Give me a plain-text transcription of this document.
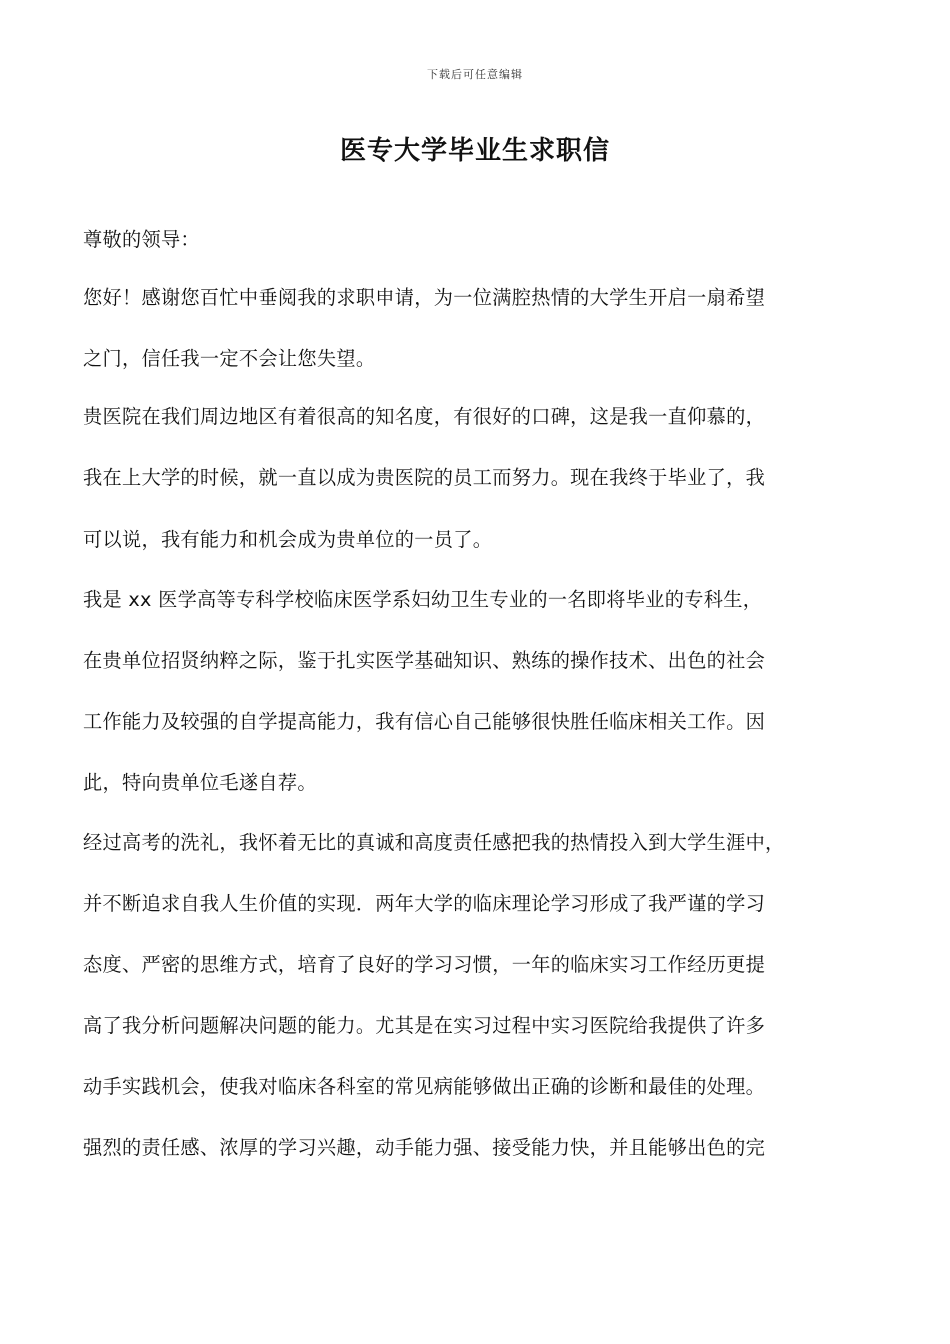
下载后可任意编辑
医专大学毕业生求职信
尊敬的领导：
您好！感谢您百忙中垂阅我的求职申请，为一位满腔热情的大学生开启一扇希望
之门，信任我一定不会让您失望。
贵医院在我们周边地区有着很高的知名度，有很好的口碑，这是我一直仰慕的，
我在上大学的时候，就一直以成为贵医院的员工而努力。现在我终于毕业了，我
可以说，我有能力和机会成为贵单位的一员了。
我是 xx 医学高等专科学校临床医学系妇幼卫生专业的一名即将毕业的专科生，
在贵单位招贤纳粹之际，鉴于扎实医学基础知识、熟练的操作技术、出色的社会
工作能力及较强的自学提高能力，我有信心自己能够很快胜任临床相关工作。因
此，特向贵单位毛遂自荐。
经过高考的洗礼，我怀着无比的真诚和高度责任感把我的热情投入到大学生涯中，
并不断追求自我人生价值的实现．两年大学的临床理论学习形成了我严谨的学习
态度、严密的思维方式，培育了良好的学习习惯，一年的临床实习工作经历更提
高了我分析问题解决问题的能力。尤其是在实习过程中实习医院给我提供了许多
动手实践机会，使我对临床各科室的常见病能够做出正确的诊断和最佳的处理。
强烈的责任感、浓厚的学习兴趣，动手能力强、接受能力快，并且能够出色的完
